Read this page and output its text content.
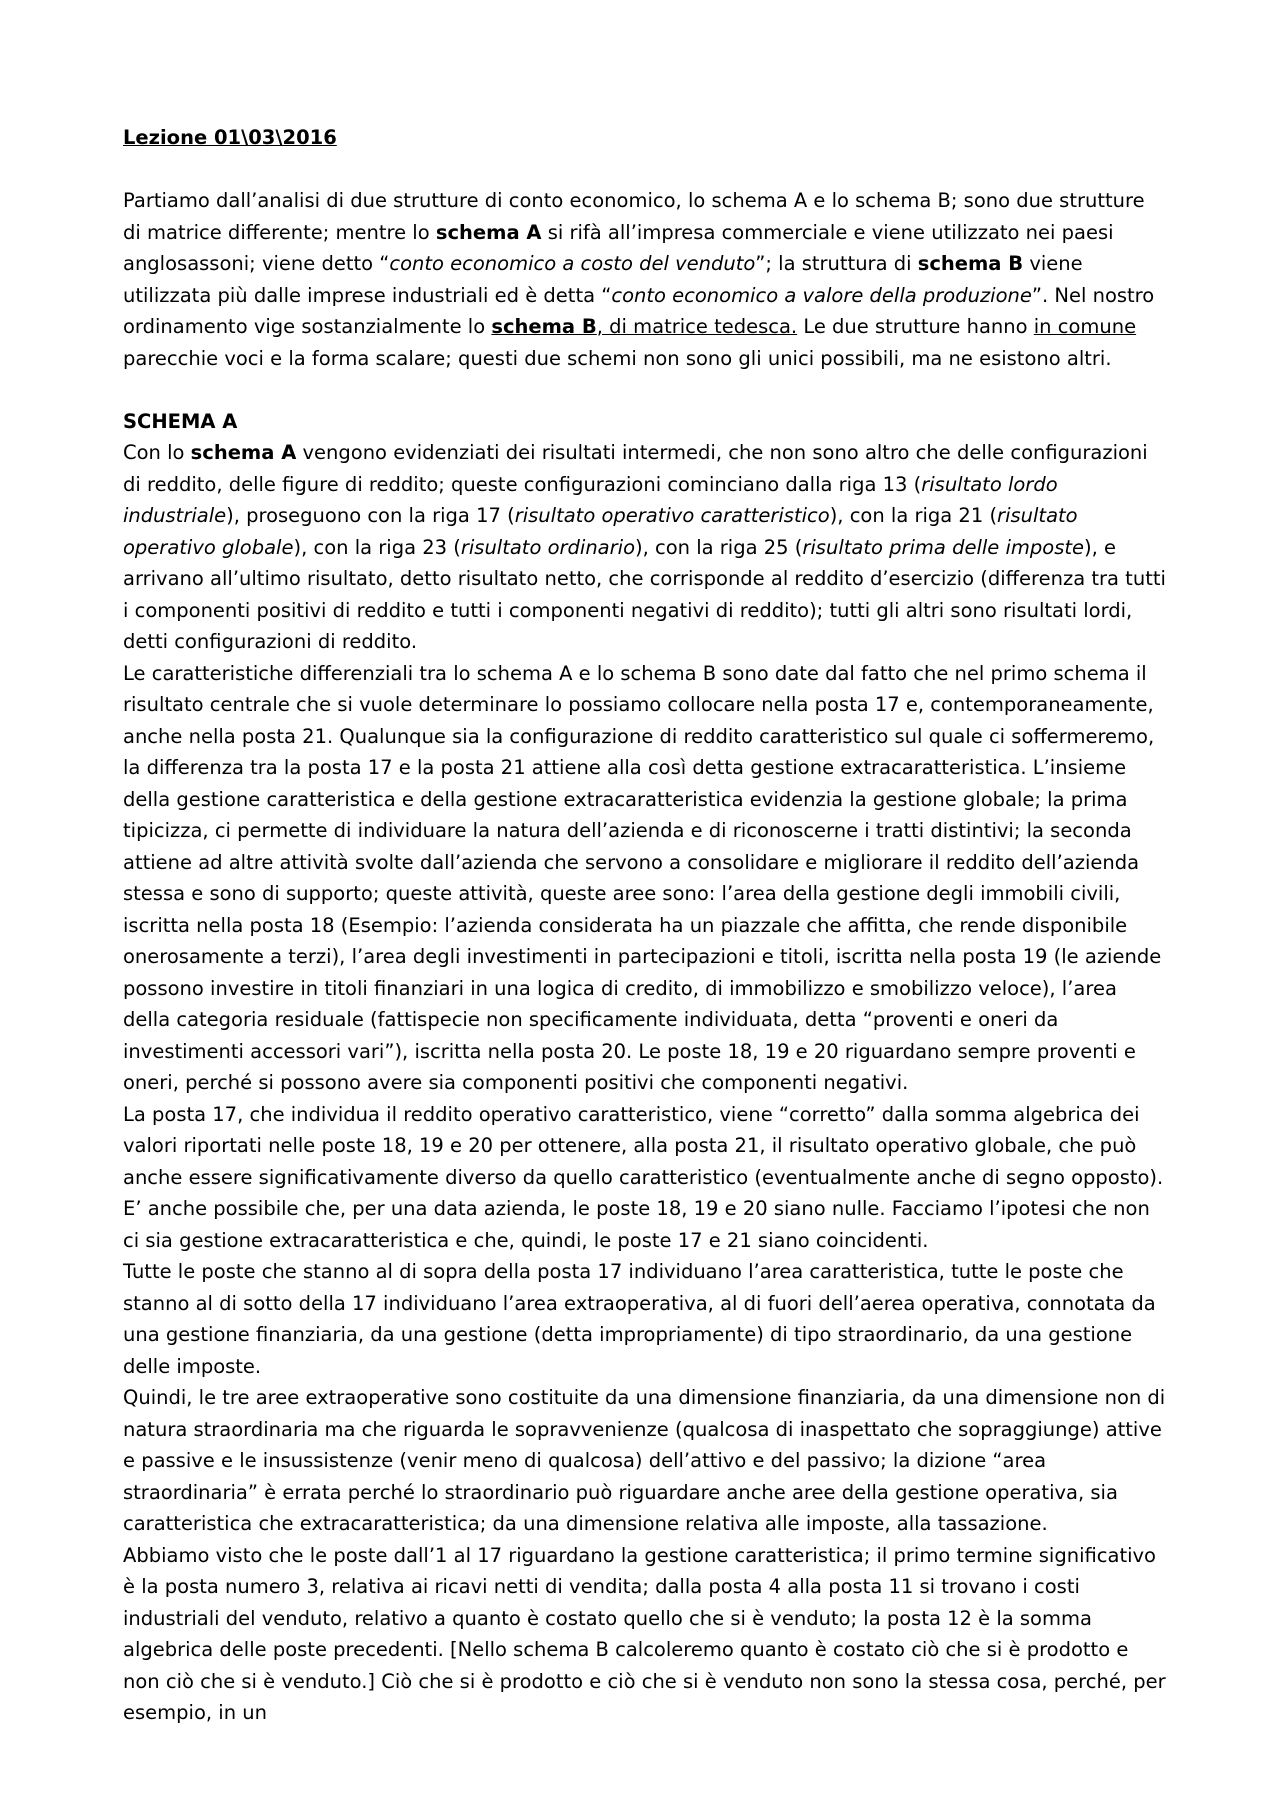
Lezione 01\03\2016

Partiamo dall’analisi di due strutture di conto economico, lo schema A e lo schema B; sono due strutture di matrice differente; mentre lo schema A si rifà all’impresa commerciale e viene utilizzato nei paesi anglosassoni; viene detto “conto economico a costo del venduto”; la struttura di schema B viene utilizzata più dalle imprese industriali ed è detta “conto economico a valore della produzione”. Nel nostro ordinamento vige sostanzialmente lo schema B, di matrice tedesca. Le due strutture hanno in comune parecchie voci e la forma scalare; questi due schemi non sono gli unici possibili, ma ne esistono altri.

SCHEMA A

Con lo schema A vengono evidenziati dei risultati intermedi, che non sono altro che delle configurazioni di reddito, delle figure di reddito; queste configurazioni cominciano dalla riga 13 (risultato lordo industriale), proseguono con la riga 17 (risultato operativo caratteristico), con la riga 21 (risultato operativo globale), con la riga 23 (risultato ordinario), con la riga 25 (risultato prima delle imposte), e arrivano all’ultimo risultato, detto risultato netto, che corrisponde al reddito d’esercizio (differenza tra tutti i componenti positivi di reddito e tutti i componenti negativi di reddito); tutti gli altri sono risultati lordi, detti configurazioni di reddito.

Le caratteristiche differenziali tra lo schema A e lo schema B sono date dal fatto che nel primo schema il risultato centrale che si vuole determinare lo possiamo collocare nella posta 17 e, contemporaneamente, anche nella posta 21. Qualunque sia la configurazione di reddito caratteristico sul quale ci soffermeremo, la differenza tra la posta 17 e la posta 21 attiene alla così detta gestione extracaratteristica. L’insieme della gestione caratteristica e della gestione extracaratteristica evidenzia la gestione globale; la prima tipicizza, ci permette di individuare la natura dell’azienda e di riconoscerne i tratti distintivi; la seconda attiene ad altre attività svolte dall’azienda che servono a consolidare e migliorare il reddito dell’azienda stessa e sono di supporto; queste attività, queste aree sono: l’area della gestione degli immobili civili, iscritta nella posta 18 (Esempio: l’azienda considerata ha un piazzale che affitta, che rende disponibile onerosamente a terzi), l’area degli investimenti in partecipazioni e titoli, iscritta nella posta 19 (le aziende possono investire in titoli finanziari in una logica di credito, di immobilizzo e smobilizzo veloce), l’area della categoria residuale (fattispecie non specificamente individuata, detta “proventi e oneri da investimenti accessori vari”), iscritta nella posta 20. Le poste 18, 19 e 20 riguardano sempre proventi e oneri, perché si possono avere sia componenti positivi che componenti negativi.

La posta 17, che individua il reddito operativo caratteristico, viene “corretto” dalla somma algebrica dei valori riportati nelle poste 18, 19 e 20 per ottenere, alla posta 21, il risultato operativo globale, che può anche essere significativamente diverso da quello caratteristico (eventualmente anche di segno opposto). E’ anche possibile che, per una data azienda, le poste 18, 19 e 20 siano nulle. Facciamo l’ipotesi che non ci sia gestione extracaratteristica e che, quindi, le poste 17 e 21 siano coincidenti.

Tutte le poste che stanno al di sopra della posta 17 individuano l’area caratteristica, tutte le poste che stanno al di sotto della 17 individuano l’area extraoperativa, al di fuori dell’aerea operativa, connotata da una gestione finanziaria, da una gestione (detta impropriamente) di tipo straordinario, da una gestione delle imposte.

Quindi, le tre aree extraoperative sono costituite da una dimensione finanziaria, da una dimensione non di natura straordinaria ma che riguarda le sopravvenienze (qualcosa di inaspettato che sopraggiunge) attive e passive e le insussistenze (venir meno di qualcosa) dell’attivo e del passivo; la dizione “area straordinaria” è errata perché lo straordinario può riguardare anche aree della gestione operativa, sia caratteristica che extracaratteristica; da una dimensione relativa alle imposte, alla tassazione.

Abbiamo visto che le poste dall’1 al 17 riguardano la gestione caratteristica; il primo termine significativo è la posta numero 3, relativa ai ricavi netti di vendita; dalla posta 4 alla posta 11 si trovano i costi industriali del venduto, relativo a quanto è costato quello che si è venduto; la posta 12 è la somma algebrica delle poste precedenti. [Nello schema B calcoleremo quanto è costato ciò che si è prodotto e non ciò che si è venduto.] Ciò che si è prodotto e ciò che si è venduto non sono la stessa cosa, perché, per esempio, in un
